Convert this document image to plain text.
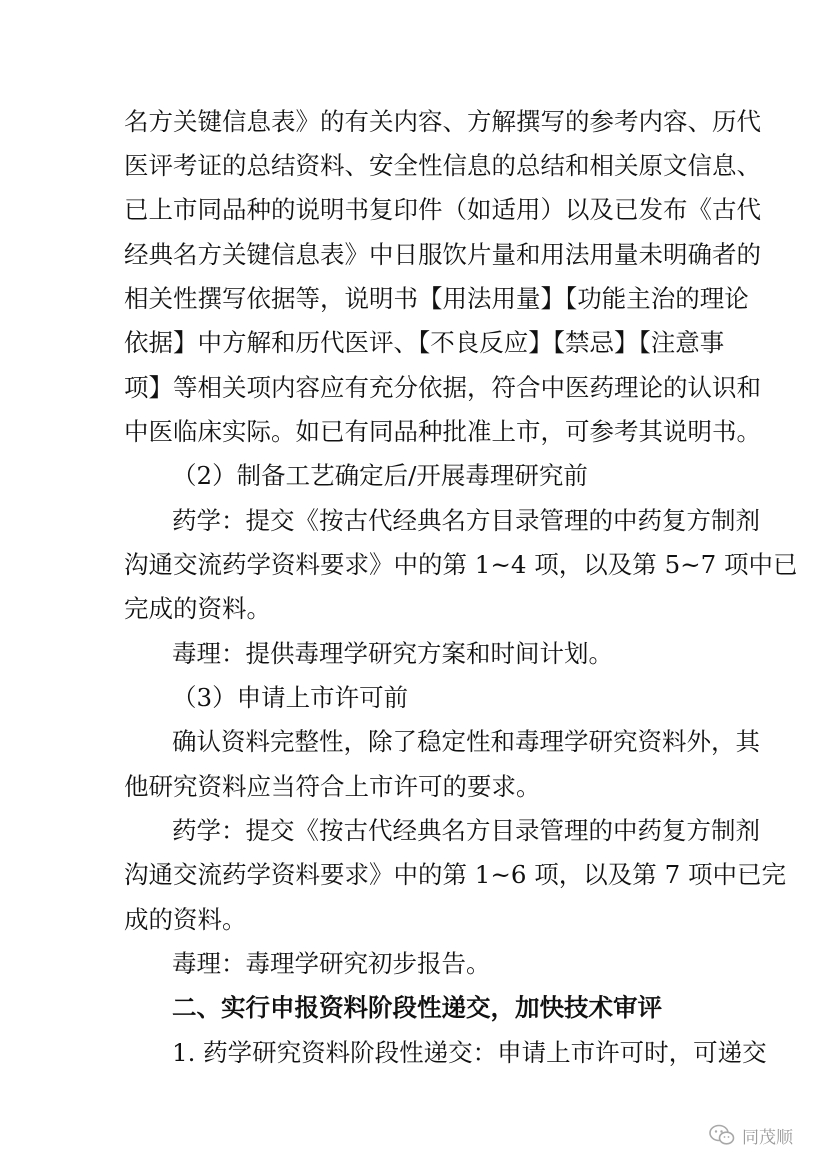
名方关键信息表》的有关内容、方解撰写的参考内容、历代
医评考证的总结资料、安全性信息的总结和相关原文信息、
已上市同品种的说明书复印件（如适用）以及已发布《古代
经典名方关键信息表》中日服饮片量和用法用量未明确者的
相关性撰写依据等，说明书【用法用量】【功能主治的理论
依据】中方解和历代医评、【不良反应】【禁忌】【注意事
项】等相关项内容应有充分依据，符合中医药理论的认识和
中医临床实际。如已有同品种批准上市，可参考其说明书。
（2）制备工艺确定后/开展毒理研究前
药学：提交《按古代经典名方目录管理的中药复方制剂
沟通交流药学资料要求》中的第 1~4 项，以及第 5~7 项中已
完成的资料。
毒理：提供毒理学研究方案和时间计划。
（3）申请上市许可前
确认资料完整性，除了稳定性和毒理学研究资料外，其
他研究资料应当符合上市许可的要求。
药学：提交《按古代经典名方目录管理的中药复方制剂
沟通交流药学资料要求》中的第 1~6 项，以及第 7 项中已完
成的资料。
毒理：毒理学研究初步报告。
二、实行申报资料阶段性递交，加快技术审评
1. 药学研究资料阶段性递交：申请上市许可时，可递交
同茂顺
